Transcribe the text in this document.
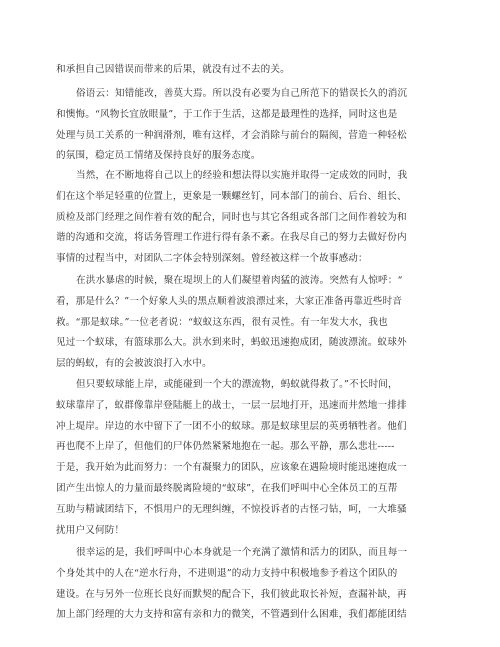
和承担自己因错误而带来的后果，就没有过不去的关。
俗语云：知错能改，善莫大焉。所以没有必要为自己所范下的错误长久的消沉
和懊悔。“风物长宜放眼量”，于工作于生活，这都是最理性的选择，同时这也是
处理与员工关系的一种润滑剂，唯有这样，才会消除与前台的隔阂，营造一种轻松
的氛围，稳定员工情绪及保持良好的服务态度。
当然，在不断地将自己以上的经验和想法得以实施并取得一定成效的同时，我
们在这个举足轻重的位置上，更象是一颗螺丝钉，同本部门的前台、后台、组长、
质检及部门经理之间作着有效的配合，同时也与其它各组或各部门之间作着较为和
谐的沟通和交流，将话务管理工作进行得有条不紊。在我尽自己的努力去做好份内
事情的过程当中，对团队二字体会特别深刻。曾经被这样一个故事感动：
在洪水暴虐的时候，聚在堤坝上的人们凝望着肉猛的波涛。突然有人惊呼：“
看，那是什么？”一个好象人头的黑点顺着波浪漂过来，大家正准备再靠近些时音
救。“那是蚁球。”一位老者说：“蚁蚁这东西，很有灵性。有一年发大水，我也
见过一个蚁球，有篮球那么大。洪水到来时，蚂蚁迅速抱成团，随波漂流。蚁球外
层的蚂蚁，有的会被波浪打入水中。
但只要蚁球能上岸，或能碰到一个大的漂流物，蚂蚁就得救了。”不长时间，
蚁球靠岸了，蚁群像靠岸登陆艇上的战士，一层一层地打开，迅速而井然地一排排
冲上堤岸。岸边的水中留下了一团不小的蚁球。那是蚁球里层的英勇牺牲者。他们
再也爬不上岸了，但他们的尸体仍然紧紧地抱在一起。那么平静，那么悲壮-----
于是，我开始为此而努力：一个有凝聚力的团队，应该象在遇险境时能迅速抱成一
团产生出惊人的力量而最终脱离险境的“蚁球”，在我们呼叫中心全体员工的互帮
互助与精诚团结下，不惧用户的无理纠缠，不惊投诉者的古怪刁钻，呵，一大堆骚
扰用户又何防！
很幸运的是，我们呼叫中心本身就是一个充满了激情和活力的团队，而且每一
个身处其中的人在“逆水行舟，不进则退”的动力支持中积极地参予着这个团队的
建设。在与另外一位班长良好而默契的配合下，我们彼此取长补短，查漏补缺，再
加上部门经理的大力支持和富有亲和力的微笑，不管遇到什么困难，我们都能团结
